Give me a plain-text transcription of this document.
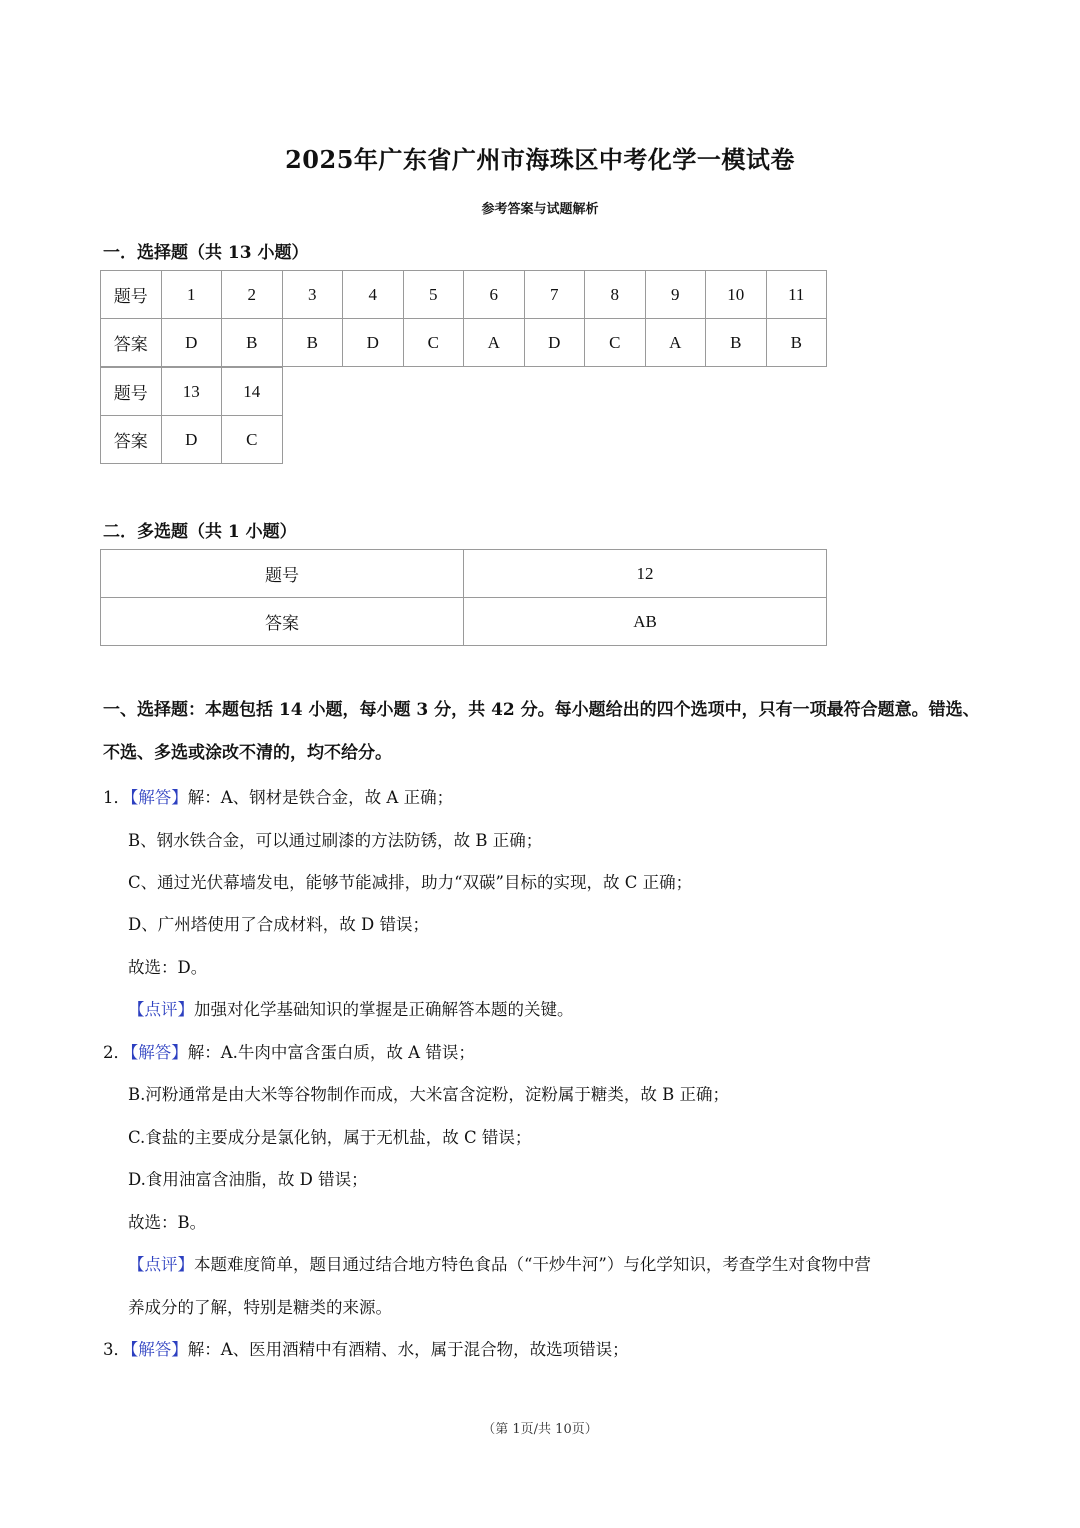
2025年广东省广州市海珠区中考化学一模试卷
参考答案与试题解析
一．选择题（共 13 小题）
题号	1	2	3	4	5	6	7	8	9	10	11
答案	D	B	B	D	C	A	D	C	A	B	B
题号	13	14
答案	D	C
二．多选题（共 1 小题）
题号	12
答案	AB
一、选择题：本题包括 14 小题，每小题 3 分，共 42 分。每小题给出的四个选项中，只有一项最符合题意。错选、不选、多选或涂改不清的，均不给分。
1．【解答】解：A、钢材是铁合金，故 A 正确；
B、钢水铁合金，可以通过刷漆的方法防锈，故 B 正确；
C、通过光伏幕墙发电，能够节能减排，助力“双碳”目标的实现，故 C 正确；
D、广州塔使用了合成材料，故 D 错误；
故选：D。
【点评】加强对化学基础知识的掌握是正确解答本题的关键。
2．【解答】解：A.牛肉中富含蛋白质，故 A 错误；
B.河粉通常是由大米等谷物制作而成，大米富含淀粉，淀粉属于糖类，故 B 正确；
C.食盐的主要成分是氯化钠，属于无机盐，故 C 错误；
D.食用油富含油脂，故 D 错误；
故选：B。
【点评】本题难度简单，题目通过结合地方特色食品（“干炒牛河”）与化学知识，考查学生对食物中营
养成分的了解，特别是糖类的来源。
3．【解答】解：A、医用酒精中有酒精、水，属于混合物，故选项错误；
（第 1页/共 10页）
